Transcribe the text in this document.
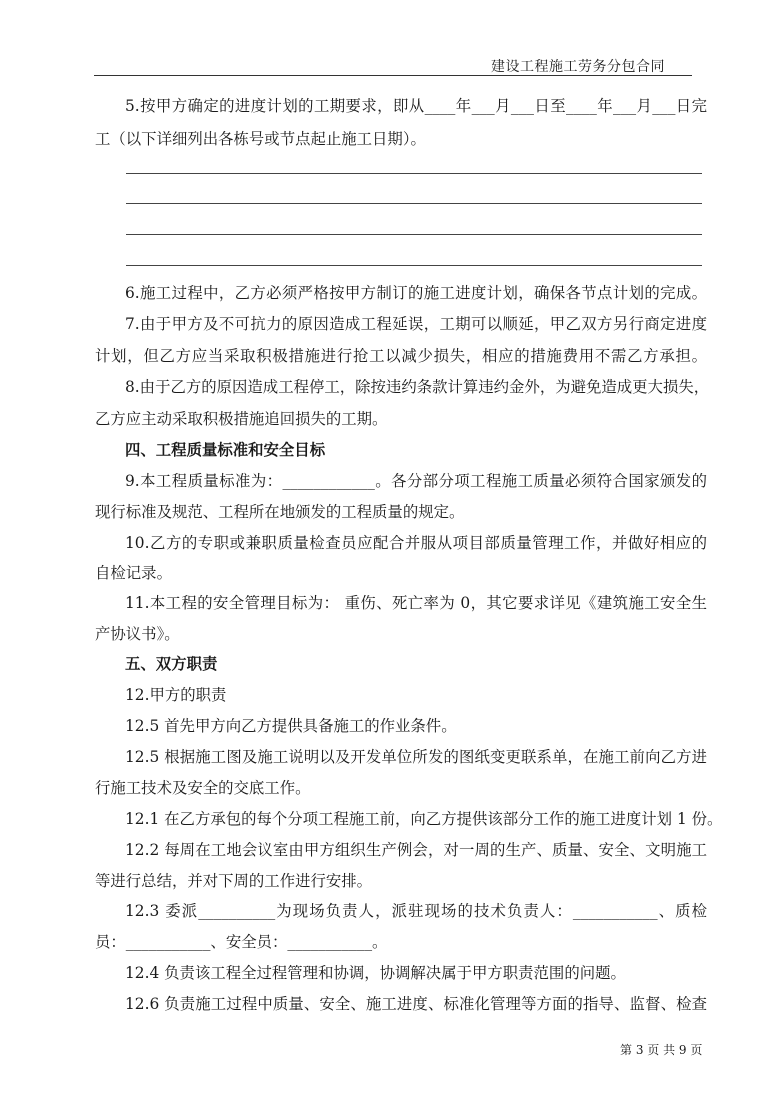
建设工程施工劳务分包合同
5.按甲方确定的进度计划的工期要求，即从____年___月___日至____年___月___日完
工（以下详细列出各栋号或节点起止施工日期）。
6.施工过程中，乙方必须严格按甲方制订的施工进度计划，确保各节点计划的完成。
7.由于甲方及不可抗力的原因造成工程延误，工期可以顺延，甲乙双方另行商定进度
计划，但乙方应当采取积极措施进行抢工以减少损失，相应的措施费用不需乙方承担。
8.由于乙方的原因造成工程停工，除按违约条款计算违约金外，为避免造成更大损失，
乙方应主动采取积极措施追回损失的工期。
四、工程质量标准和安全目标
9.本工程质量标准为：____________。各分部分项工程施工质量必须符合国家颁发的
现行标准及规范、工程所在地颁发的工程质量的规定。
10.乙方的专职或兼职质量检查员应配合并服从项目部质量管理工作，并做好相应的
自检记录。
11.本工程的安全管理目标为： 重伤、死亡率为 0，其它要求详见《建筑施工安全生
产协议书》。
五、双方职责
12.甲方的职责
12.5 首先甲方向乙方提供具备施工的作业条件。
12.5 根据施工图及施工说明以及开发单位所发的图纸变更联系单，在施工前向乙方进
行施工技术及安全的交底工作。
12.1 在乙方承包的每个分项工程施工前，向乙方提供该部分工作的施工进度计划 1 份。
12.2 每周在工地会议室由甲方组织生产例会，对一周的生产、质量、安全、文明施工
等进行总结，并对下周的工作进行安排。
12.3 委派__________为现场负责人，派驻现场的技术负责人：___________、质检
员：___________、安全员：___________。
12.4 负责该工程全过程管理和协调，协调解决属于甲方职责范围的问题。
12.6 负责施工过程中质量、安全、施工进度、标准化管理等方面的指导、监督、检查
第 3 页 共 9 页
